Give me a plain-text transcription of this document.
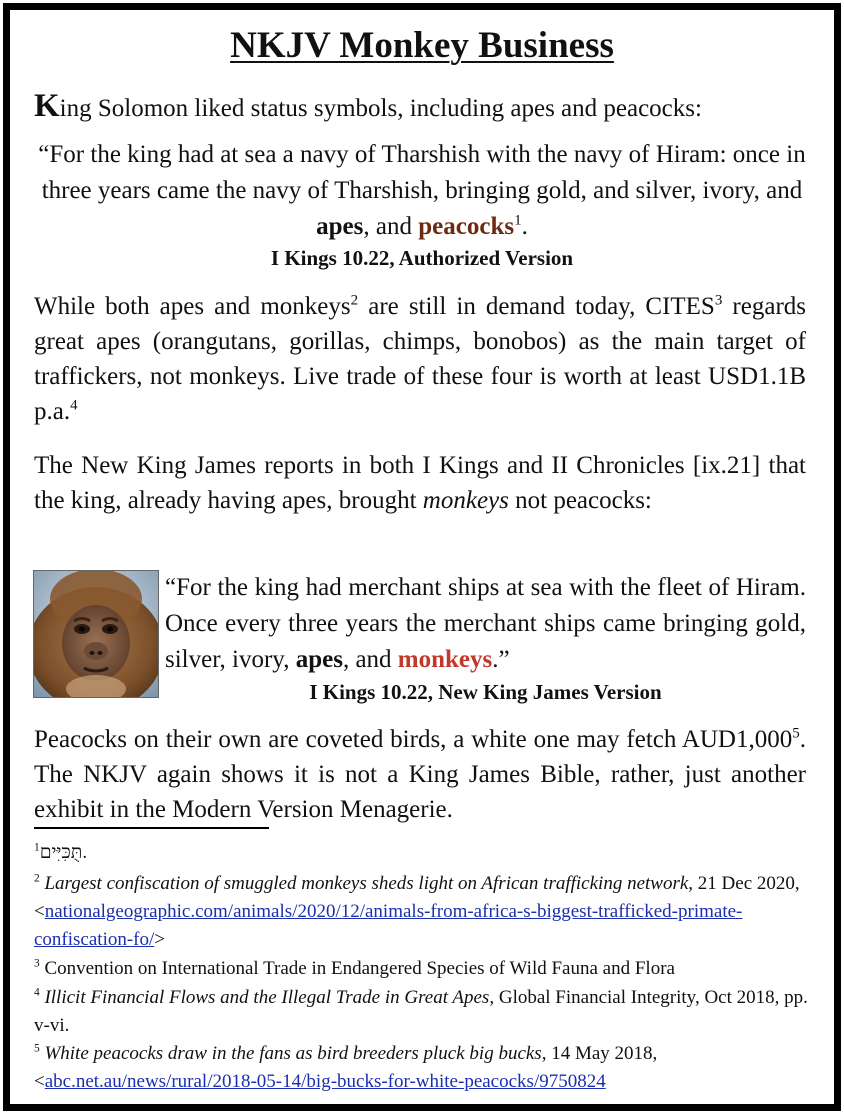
NKJV Monkey Business
King Solomon liked status symbols, including apes and peacocks:
“For the king had at sea a navy of Tharshish with the navy of Hiram: once in three years came the navy of Tharshish, bringing gold, and silver, ivory, and apes, and peacocks$^1$.
I Kings 10.22, Authorized Version
While both apes and monkeys$^2$ are still in demand today, CITES$^3$ regards great apes (orangutans, gorillas, chimps, bonobos) as the main target of traffickers, not monkeys. Live trade of these four is worth at least USD1.1B p.a.$^4$
The New King James reports in both I Kings and II Chronicles [ix.21] that the king, already having apes, brought monkeys not peacocks:
“For the king had merchant ships at sea with the fleet of Hiram. Once every three years the merchant ships came bringing gold, silver, ivory, apes, and monkeys.”
I Kings 10.22, New King James Version
Peacocks on their own are coveted birds, a white one may fetch AUD1,000$^5$. The NKJV again shows it is not a King James Bible, rather, just another exhibit in the Modern Version Menagerie.
$^1$תֻּכִּיִּים.
$^2$ Largest confiscation of smuggled monkeys sheds light on African trafficking network, 21 Dec 2020, <nationalgeographic.com/animals/2020/12/animals-from-africa-s-biggest-trafficked-primate-confiscation-fo/>
$^3$ Convention on International Trade in Endangered Species of Wild Fauna and Flora
$^4$ Illicit Financial Flows and the Illegal Trade in Great Apes, Global Financial Integrity, Oct 2018, pp. v-vi.
$^5$ White peacocks draw in the fans as bird breeders pluck big bucks, 14 May 2018, <abc.net.au/news/rural/2018-05-14/big-bucks-for-white-peacocks/9750824
